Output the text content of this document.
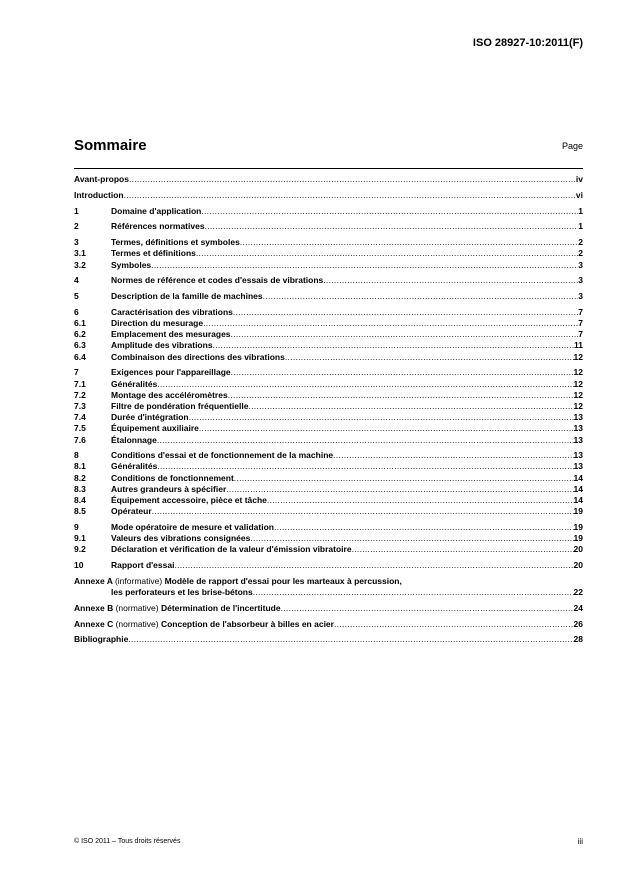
ISO 28927-10:2011(F)
Sommaire	Page
Avant-propos .....	iv
Introduction .....	vi
1	Domaine d'application .....	1
2	Références normatives .....	1
3	Termes, définitions et symboles .....	2
3.1	Termes et définitions .....	2
3.2	Symboles .....	3
4	Normes de référence et codes d'essais de vibrations .....	3
5	Description de la famille de machines .....	3
6	Caractérisation des vibrations .....	7
6.1	Direction du mesurage .....	7
6.2	Emplacement des mesurages .....	7
6.3	Amplitude des vibrations .....	11
6.4	Combinaison des directions des vibrations .....	12
7	Exigences pour l'appareillage .....	12
7.1	Généralités .....	12
7.2	Montage des accéléromètres .....	12
7.3	Filtre de pondération fréquentielle .....	12
7.4	Durée d'intégration .....	13
7.5	Équipement auxiliaire .....	13
7.6	Étalonnage .....	13
8	Conditions d'essai et de fonctionnement de la machine .....	13
8.1	Généralités .....	13
8.2	Conditions de fonctionnement .....	14
8.3	Autres grandeurs à spécifier .....	14
8.4	Équipement accessoire, pièce et tâche .....	14
8.5	Opérateur .....	19
9	Mode opératoire de mesure et validation .....	19
9.1	Valeurs des vibrations consignées .....	19
9.2	Déclaration et vérification de la valeur d'émission vibratoire .....	20
10	Rapport d'essai .....	20
Annexe A (informative) Modèle de rapport d'essai pour les marteaux à percussion,
les perforateurs et les brise-bétons .....	22
Annexe B (normative) Détermination de l'incertitude .....	24
Annexe C (normative) Conception de l'absorbeur à billes en acier .....	26
Bibliographie .....	28
© ISO 2011 – Tous droits réservés	iii
